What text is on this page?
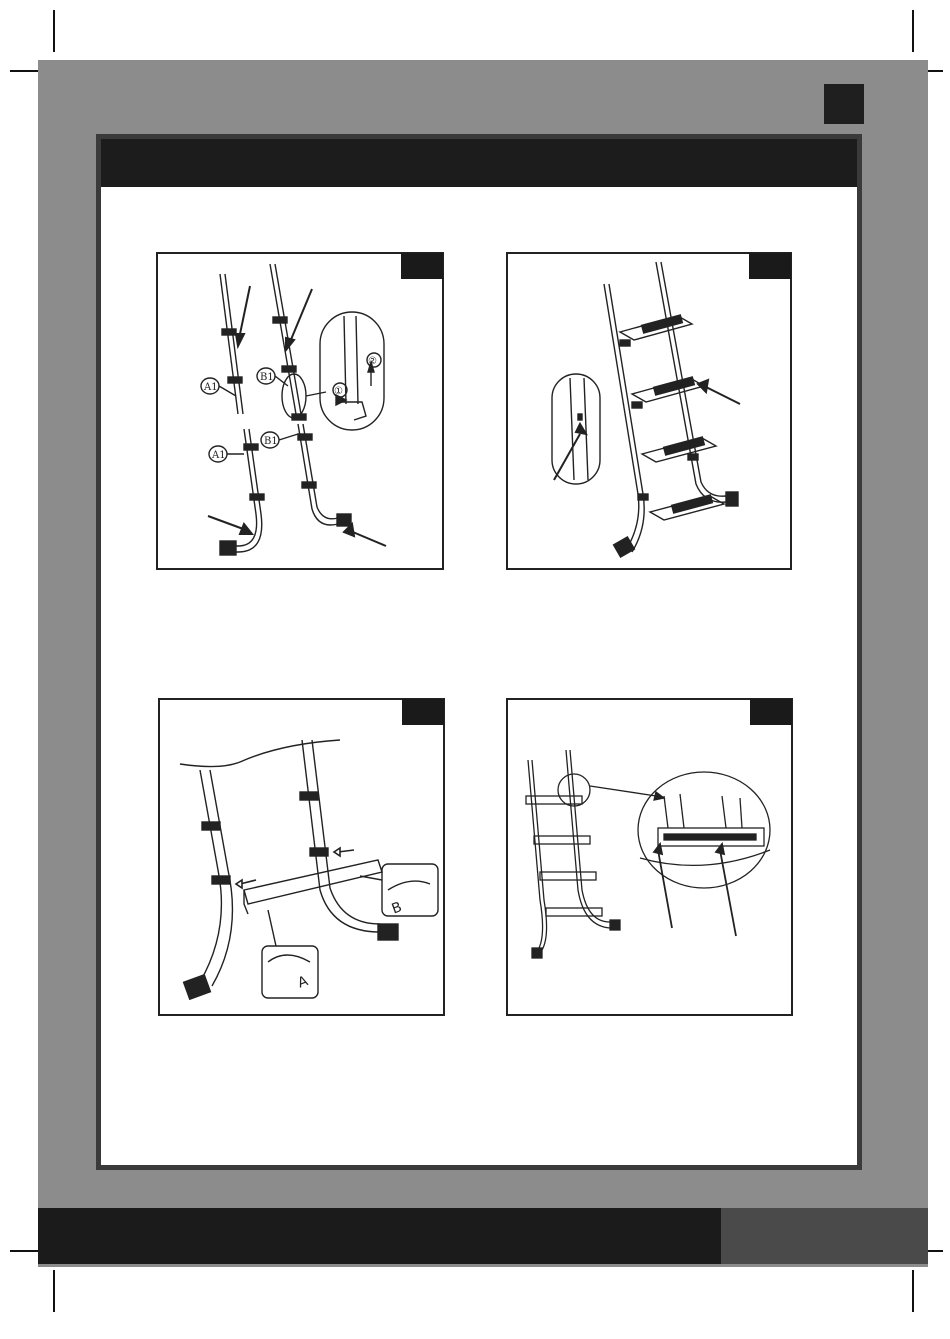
A1
A1
B1
B1
①
②
B
A
